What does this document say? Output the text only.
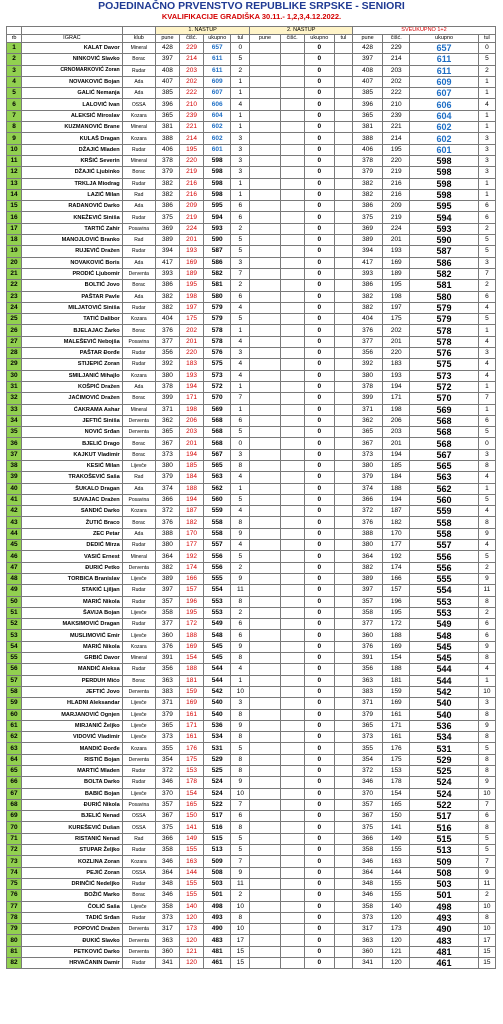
POJEDINAČNO PRVENSTVO REPUBLIKE SRPSKE - SENIORI
KVALIFIKACIJE GRADIŠKA 30.11.- 1,2,3,4.12.2022.
			1. NASTUP				2. NASTUP				SVEUKUPNO 1+2			
rb	IGRAČ	klub	pune	čišć.	ukupno	tul	pune	čišć.	ukupno	tul	pune	čišć.	ukupno	tul
1	KALAT Davor	Mineral	428	229	657	0			0		428	229	657	0
2	NINKOVIĆ Slavko	Borac	397	214	611	5			0		397	214	611	5
3	CRNOMARKOVIĆ Zoran	Rudar	408	203	611	2			0		408	203	611	2
4	NOVAKOVIĆ Bojan	Ada	407	202	609	1			0		407	202	609	1
5	GALIĆ Nemanja	Ada	385	222	607	1			0		385	222	607	1
6	LALOVIĆ Ivan	OSSA	396	210	606	4			0		396	210	606	4
7	ALEKSIĆ Miroslav	Kozara	365	239	604	1			0		365	239	604	1
8	KUZMANOVIĆ Brane	Mineral	381	221	602	1			0		381	221	602	1
9	KULAŠ Dragan	Kozara	388	214	602	3			0		388	214	602	3
10	DŽAJIĆ Mladen	Rudar	406	195	601	3			0		406	195	601	3
11	KRŠIĆ Severin	Mineral	378	220	598	3			0		378	220	598	3
12	DŽAJIĆ Ljubinko	Borac	379	219	598	3			0		379	219	598	3
13	TRKLJA Miodrag	Rudar	382	216	598	1			0		382	216	598	1
14	LAZIĆ Milan	Rad	382	216	598	1			0		382	216	598	1
15	RADANOVIĆ Darko	Ada	386	209	595	6			0		386	209	595	6
16	KNEŽEVIĆ Siniša	Rudar	375	219	594	6			0		375	219	594	6
17	TARTIĆ Zahir	Posavina	369	224	593	2			0		369	224	593	2
18	MANOJLOVIĆ Branko	Rad	389	201	590	5			0		389	201	590	5
19	RUJEVIĆ Dražen	Rudar	394	193	587	5			0		394	193	587	5
20	NOVAKOVIĆ Boris	Ada	417	169	586	3			0		417	169	586	3
21	PRODIĆ Ljubomir	Derventa	393	189	582	7			0		393	189	582	7
22	BOLTIĆ Jovo	Borac	386	195	581	2			0		386	195	581	2
23	PAŠTAR Pavle	Ada	382	198	580	6			0		382	198	580	6
24	MILJATOVIĆ Siniša	Rudar	382	197	579	4			0		382	197	579	4
25	TATIĆ Dalibor	Kozara	404	175	579	5			0		404	175	579	5
26	BJELAJAC Žarko	Borac	376	202	578	1			0		376	202	578	1
27	MALEŠEVIĆ Nebojša	Posavina	377	201	578	4			0		377	201	578	4
28	PAŠTAR Đorđe	Rudar	356	220	576	3			0		356	220	576	3
29	STIJEPIĆ Zoran	Rudar	392	183	575	4			0		392	183	575	4
30	SMILJANIĆ Mihajlo	Kozara	380	193	573	4			0		380	193	573	4
31	KOŠPIĆ Dražen	Ada	378	194	572	1			0		378	194	572	1
32	JAĆIMOVIĆ Dražen	Borac	399	171	570	7			0		399	171	570	7
33	ĆAKRAMA Ashar	Mineral	371	198	569	1			0		371	198	569	1
34	JEFTIĆ Siniša	Derventa	362	206	568	6			0		362	206	568	6
35	NOVIĆ Srđan	Derventa	365	203	568	5			0		365	203	568	5
36	BJELIĆ Drago	Borac	367	201	568	0			0		367	201	568	0
37	KAJKUT Vladimir	Borac	373	194	567	3			0		373	194	567	3
38	KESIĆ Milan	Lijevče	380	185	565	8			0		380	185	565	8
39	TRAKOŠEVIĆ Saša	Rad	379	184	563	4			0		379	184	563	4
40	ŠUKALO Dragan	Ada	374	188	562	1			0		374	188	562	1
41	SUVAJAC Dražen	Posavina	366	194	560	5			0		366	194	560	5
42	SANDIĆ Darko	Kozara	372	187	559	4			0		372	187	559	4
43	ŽUTIĆ Braco	Borac	376	182	558	8			0		376	182	558	8
44	ZEC Petar	Ada	388	170	558	9			0		388	170	558	9
45	DEDIĆ Mirza	Rudar	380	177	557	4			0		380	177	557	4
46	VASIĆ Ernest	Mineral	364	192	556	5			0		364	192	556	5
47	ĐURIĆ Petko	Derventa	382	174	556	2			0		382	174	556	2
48	TORBICA Branislav	Lijevče	389	166	555	9			0		389	166	555	9
49	STAKIĆ Ljiljan	Rudar	397	157	554	11			0		397	157	554	11
50	MARIĆ Nikola	Rudar	357	196	553	8			0		357	196	553	8
51	ŠAVIJA Bojan	Lijevče	358	195	553	2			0		358	195	553	2
52	MAKSIMOVIĆ Dragan	Rudar	377	172	549	6			0		377	172	549	6
53	MUSLIMOVIĆ Emir	Lijevče	360	188	548	6			0		360	188	548	6
54	MARIĆ Nikola	Kozara	376	169	545	9			0		376	169	545	9
55	GRBIĆ Davor	Mineral	391	154	545	8			0		391	154	545	8
56	MANDIĆ Aleksa	Rudar	356	188	544	4			0		356	188	544	4
57	PERDUH Mićo	Borac	363	181	544	1			0		363	181	544	1
58	JEFTIĆ Jovo	Derventa	383	159	542	10			0		383	159	542	10
59	HLADNI Aleksandar	Lijevče	371	169	540	3			0		371	169	540	3
60	MARJANOVIĆ Ognjen	Lijevče	379	161	540	8			0		379	161	540	8
61	MIRJANIĆ Željko	Lijevče	365	171	536	9			0		365	171	536	9
62	VIDOVIĆ Vladimir	Lijevče	373	161	534	8			0		373	161	534	8
63	MANDIĆ Đorđe	Kozara	355	176	531	5			0		355	176	531	5
64	RISTIĆ Bojan	Derventa	354	175	529	8			0		354	175	529	8
65	MARTIĆ Mladen	Rudar	372	153	525	8			0		372	153	525	8
66	BOLTA Darko	Rudar	346	178	524	9			0		346	178	524	9
67	BABIĆ Bojan	Lijevče	370	154	524	10			0		370	154	524	10
68	ĐURIĆ Nikola	Posavina	357	165	522	7			0		357	165	522	7
69	BJELIĆ Nenad	OSSA	367	150	517	6			0		367	150	517	6
70	KUREŠEVIĆ Dušan	OSSA	375	141	516	8			0		375	141	516	8
71	RISTANIĆ Nenad	Rad	366	149	515	5			0		366	149	515	5
72	STUPAR Željko	Rudar	358	155	513	5			0		358	155	513	5
73	KOZLINA Zoran	Kozara	346	163	509	7			0		346	163	509	7
74	PEJIĆ Zoran	OSSA	364	144	508	9			0		364	144	508	9
75	DRINČIĆ Nedeljko	Rudar	348	155	503	11			0		348	155	503	11
76	BOŽIĆ Marko	Borac	346	155	501	2			0		346	155	501	2
77	ČOLIĆ Saša	Lijevče	358	140	498	10			0		358	140	498	10
78	TADIĆ Srđan	Rudar	373	120	493	8			0		373	120	493	8
79	POPOVIĆ Dražen	Derventa	317	173	490	10			0		317	173	490	10
80	ĐUKIĆ Slavko	Derventa	363	120	483	17			0		363	120	483	17
81	PETKOVIĆ Darko	Derventa	360	121	481	15			0		360	121	481	15
82	HRVAĆANIN Damir	Rudar	341	120	461	15			0		341	120	461	15
